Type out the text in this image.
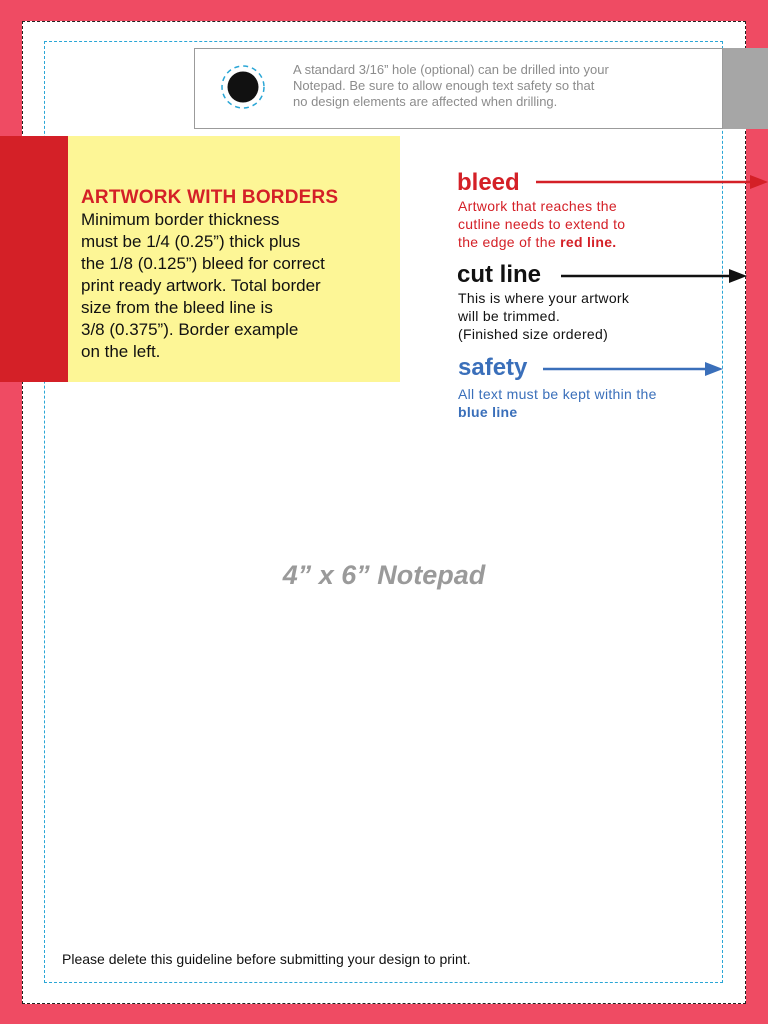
ARTWORK WITH BORDERS
Minimum border thickness
must be 1/4 (0.25”) thick plus
the 1/8 (0.125”) bleed for correct
print ready artwork. Total border
size from the bleed line is
3/8 (0.375”). Border example
on the left.
A standard 3/16” hole (optional) can be drilled into your
Notepad. Be sure to allow enough text safety so that
no design elements are affected when drilling.
bleed
Artwork that reaches the
cutline needs to extend to
the edge of the red line.
cut line
This is where your artwork
will be trimmed.
(Finished size ordered)
safety
All text must be kept within the
blue line
4” x 6” Notepad
Please delete this guideline before submitting your design to print.
